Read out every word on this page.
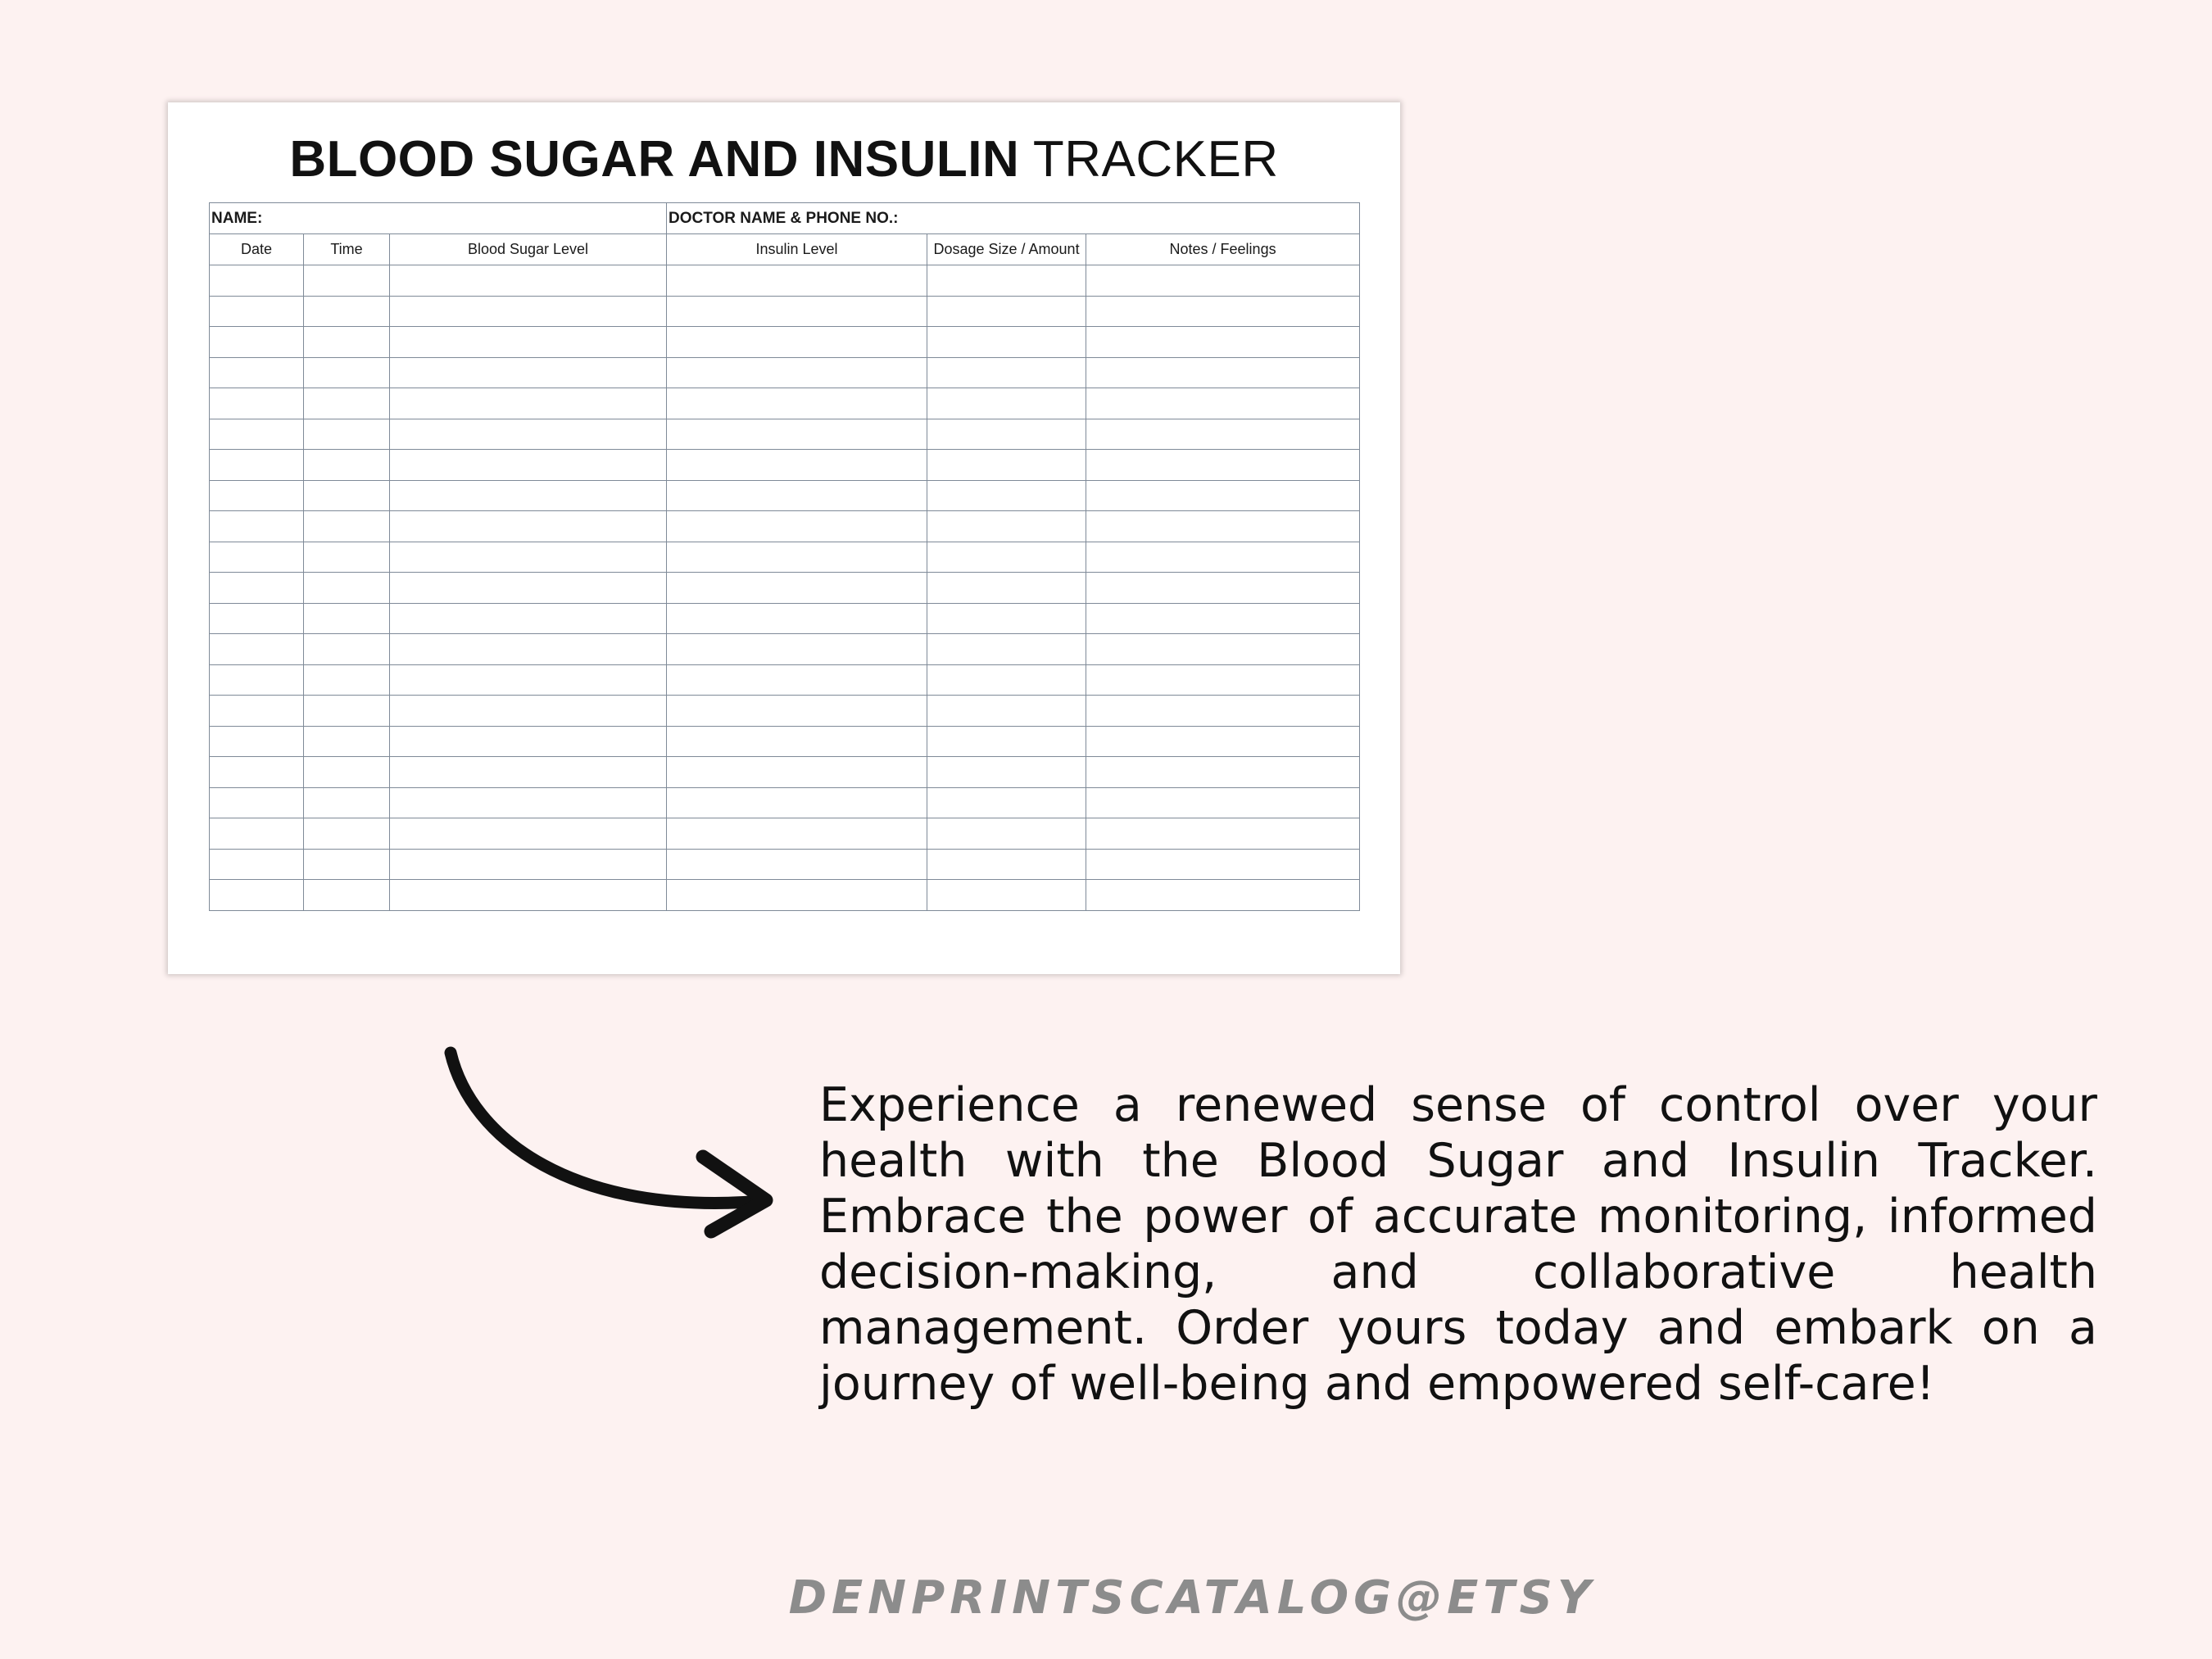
BLOOD SUGAR AND INSULIN TRACKER
NAME:			DOCTOR NAME & PHONE NO.:		
Date	Time	Blood Sugar Level	Insulin Level	Dosage Size / Amount	Notes / Feelings

Experience a renewed sense of control over your health with the Blood Sugar and Insulin Tracker. Embrace the power of accurate monitoring, informed decision-making, and collaborative health management. Order yours today and embark on a journey of well-being and empowered self-care!
DENPRINTSCATALOG@ETSY
